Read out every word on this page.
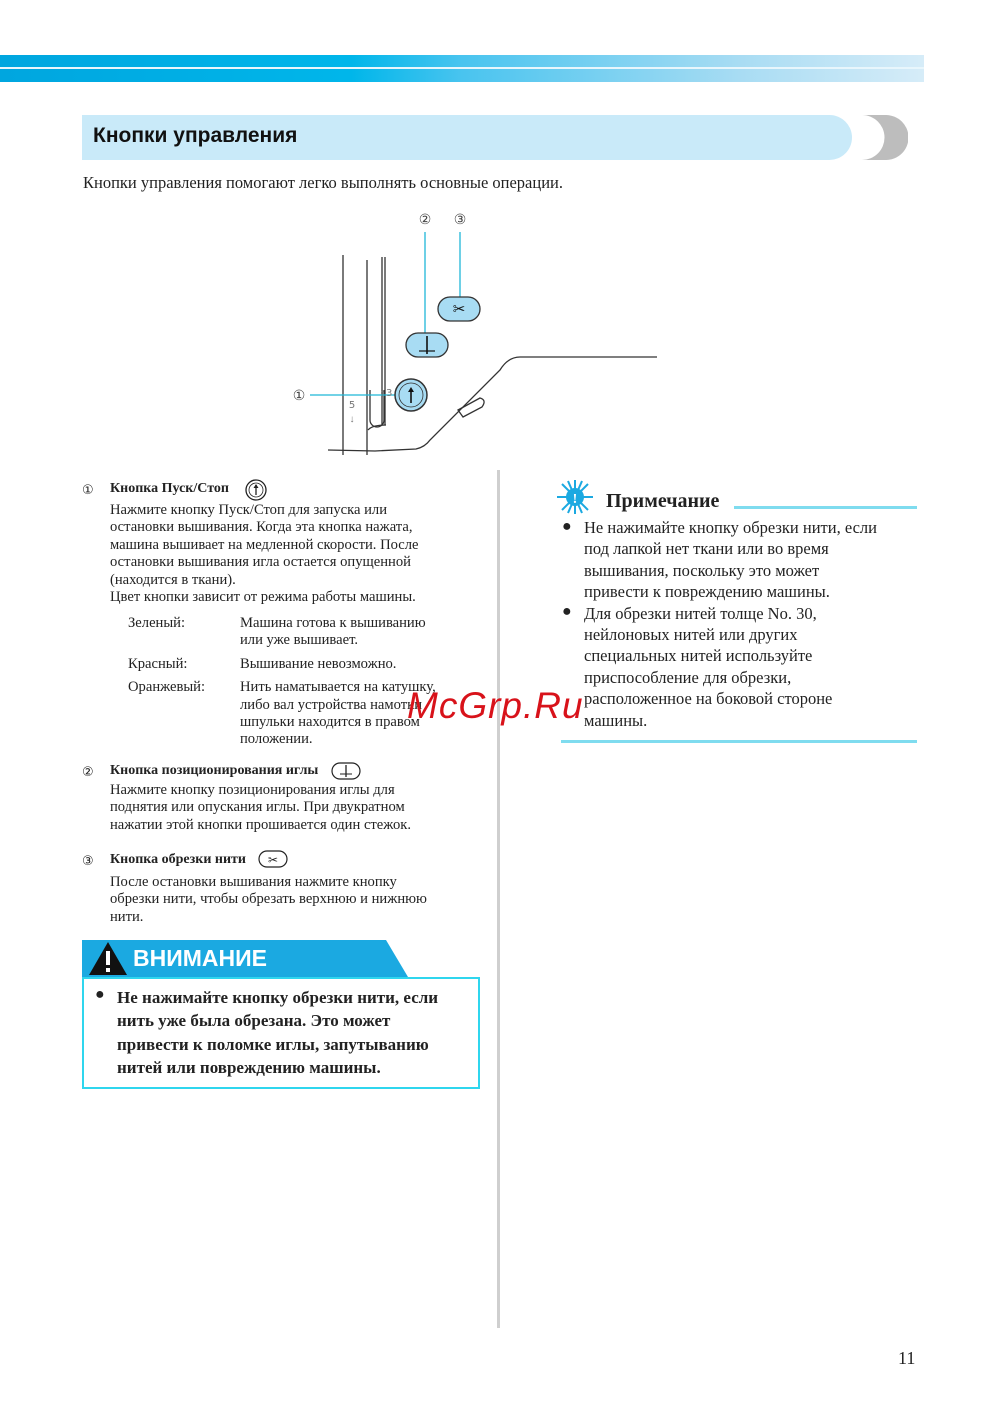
Кнопки управления
Кнопки управления помогают легко выполнять основные операции.
✂
② ③
①
5
↓
↑ 3
① Кнопка Пуск/Стоп
Нажмите кнопку Пуск/Стоп для запуска или
остановки вышивания. Когда эта кнопка нажата,
машина вышивает на медленной скорости. После
остановки вышивания игла остается опущенной
(находится в ткани).
Цвет кнопки зависит от режима работы машины.
Зеленый:	Машина готова к вышиванию
или уже вышивает.
Красный:	Вышивание невозможно.
Оранжевый:	Нить наматывается на катушку,
либо вал устройства намотки
шпульки находится в правом
положении.
② Кнопка позиционирования иглы
Нажмите кнопку позиционирования иглы для
поднятия или опускания иглы. При двукратном
нажатии этой кнопки прошивается один стежок.
③ Кнопка обрезки нити ✂
После остановки вышивания нажмите кнопку
обрезки нити, чтобы обрезать верхнюю и нижнюю
нити.
ВНИМАНИЕ
● Не нажимайте кнопку обрезки нити, если
нить уже была обрезана. Это может
привести к поломке иглы, запутыванию
нитей или повреждению машины.
! Примечание
●
●
Не нажимайте кнопку обрезки нити, если
под лапкой нет ткани или во время
вышивания, поскольку это может
привести к повреждению машины.
Для обрезки нитей толще No. 30,
нейлоновых нитей или других
специальных нитей используйте
приспособление для обрезки,
расположенное на боковой стороне
машины.
McGrp.Ru
11
